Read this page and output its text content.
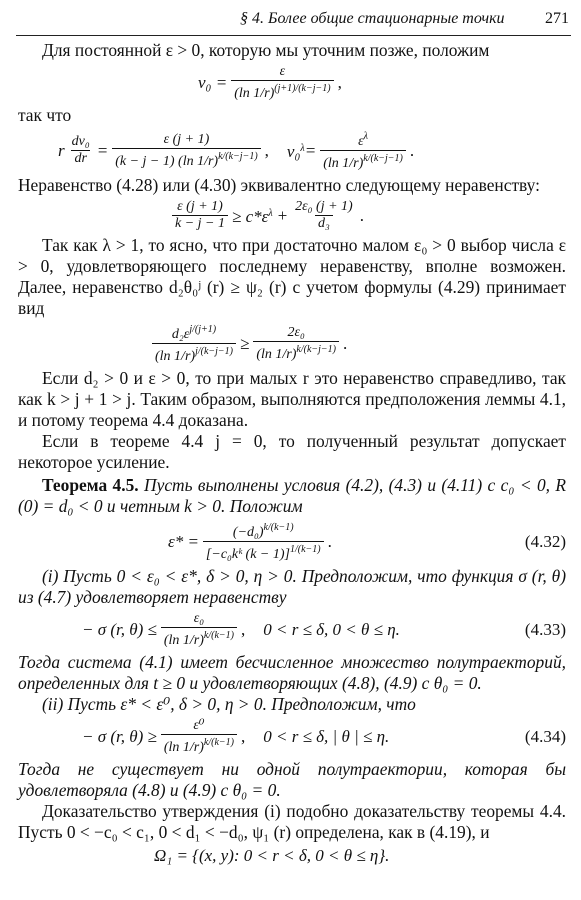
§ 4. Более общие стационарные точки	271

Для постоянной ε > 0, которую мы уточним позже, положим

$v_0 = \frac{\varepsilon}{(\ln 1/r)^{(j+1)/(k-j-1)}}$ ,

так что

r $\frac{\text{dv₀}}{dr} = \frac{\varepsilon (j + 1)}{(k - j - 1) (\ln 1/r)^{k/(k-j-1)}}$ , $v_0^\lambda = \frac{\varepsilon^\lambda}{(\ln 1/r)^{k/(k-j-1)}}$ .

Неравенство (4.28) или (4.30) эквивалентно следующему неравенству:

$\frac{\varepsilon (j + 1)}{k - j - 1} \ge c*\varepsilon^\lambda + \frac{\text{2ε₀ (j + 1)}}{\text{d₃}}$ .

Так как λ > 1, то ясно, что при достаточно малом ε₀ > 0 выбор числа ε > 0, удовлетворяющего последнему неравенству, вполне возможен. Далее, неравенство d₂θ₀ʲ (r) ≥ ψ₂ (r) с учетом формулы (4.29) принимает вид

$\frac{d_2\varepsilon^{j/(j+1)}}{(\ln 1/r)^{j/(k-j-1)}} \ge \frac{\text{2ε₀}}{(\ln 1/r)^{k/(k-j-1)}}$ .

Если d₂ > 0 и ε > 0, то при малых r это неравенство справедливо, так как k > j + 1 > j. Таким образом, выполняются предположения леммы 4.1, и потому теорема 4.4 доказана.

Если в теореме 4.4 j = 0, то полученный результат допускает некоторое усиление.

Теорема 4.5. Пусть выполнены условия (4.2), (4.3) и (4.11) с c₀ < 0, R (0) = d₀ < 0 и четным k > 0. Положим

$\varepsilon* = \frac{(-d_0)^{k/(k-1)}}{[-c_0kᵏ (k - 1)]^{1/(k-1)}}$ .	(4.32)

(i) Пусть 0 < ε₀ < ε*, δ > 0, η > 0. Предположим, что функция σ (r, θ) из (4.7) удовлетворяет неравенству

− σ (r, $\theta) \le \frac{\text{ε₀}}{(\ln 1/r)^{k/(k-1)}}$ , 0 < r ≤ δ, 0 < θ ≤ η.	(4.33)

Тогда система (4.1) имеет бесчисленное множество полутраекторий, определенных для t ≥ 0 и удовлетворяющих (4.8), (4.9) с θ₀ = 0.

(ii) Пусть ε* < ε⁰, δ > 0, η > 0. Предположим, что

− σ (r, $\theta) \ge \frac{\text{ε⁰}}{(\ln 1/r)^{k/(k-1)}}$ , 0 < r ≤ δ, | θ | ≤ η.	(4.34)

Тогда не существует ни одной полутраектории, которая бы удовлетворяла (4.8) и (4.9) с θ₀ = 0.

Доказательство утверждения (i) подобно доказательству теоремы 4.4. Пусть 0 < −c₀ < c₁, 0 < d₁ < −d₀, ψ₁ (r) определена, как в (4.19), и

Ω₁ = {(x, y): 0 < r < δ, 0 < θ ≤ η}.
